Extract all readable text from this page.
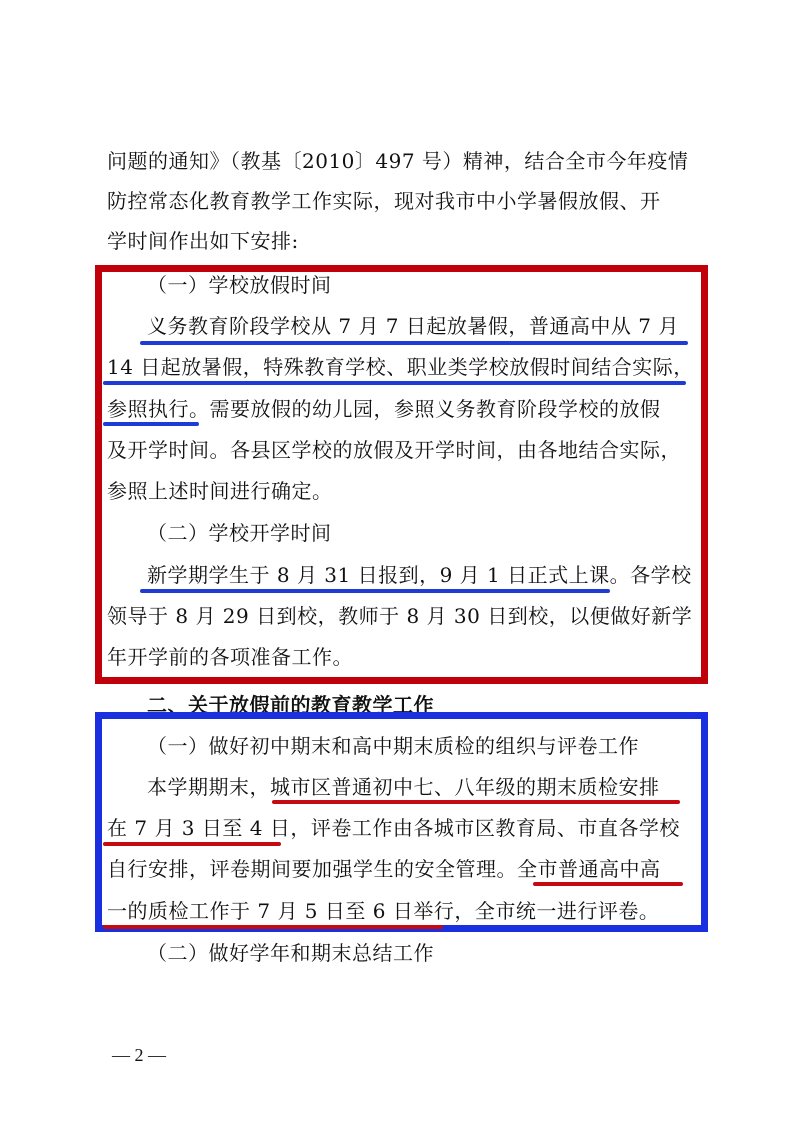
问题的通知》（教基〔2010〕497 号）精神，结合全市今年疫情

防控常态化教育教学工作实际，现对我市中小学暑假放假、开

学时间作出如下安排:

（一）学校放假时间

义务教育阶段学校从 7 月 7 日起放暑假，普通高中从 7 月

14 日起放暑假，特殊教育学校、职业类学校放假时间结合实际，

参照执行。需要放假的幼儿园，参照义务教育阶段学校的放假

及开学时间。各县区学校的放假及开学时间，由各地结合实际，

参照上述时间进行确定。

（二）学校开学时间

新学期学生于 8 月 31 日报到，9 月 1 日正式上课。各学校

领导于 8 月 29 日到校，教师于 8 月 30 日到校，以便做好新学

年开学前的各项准备工作。

二、关于放假前的教育教学工作

（一）做好初中期末和高中期末质检的组织与评卷工作

本学期期末，城市区普通初中七、八年级的期末质检安排

在 7 月 3 日至 4 日，评卷工作由各城市区教育局、市直各学校

自行安排，评卷期间要加强学生的安全管理。全市普通高中高

一的质检工作于 7 月 5 日至 6 日举行，全市统一进行评卷。

（二）做好学年和期末总结工作

— 2 —
